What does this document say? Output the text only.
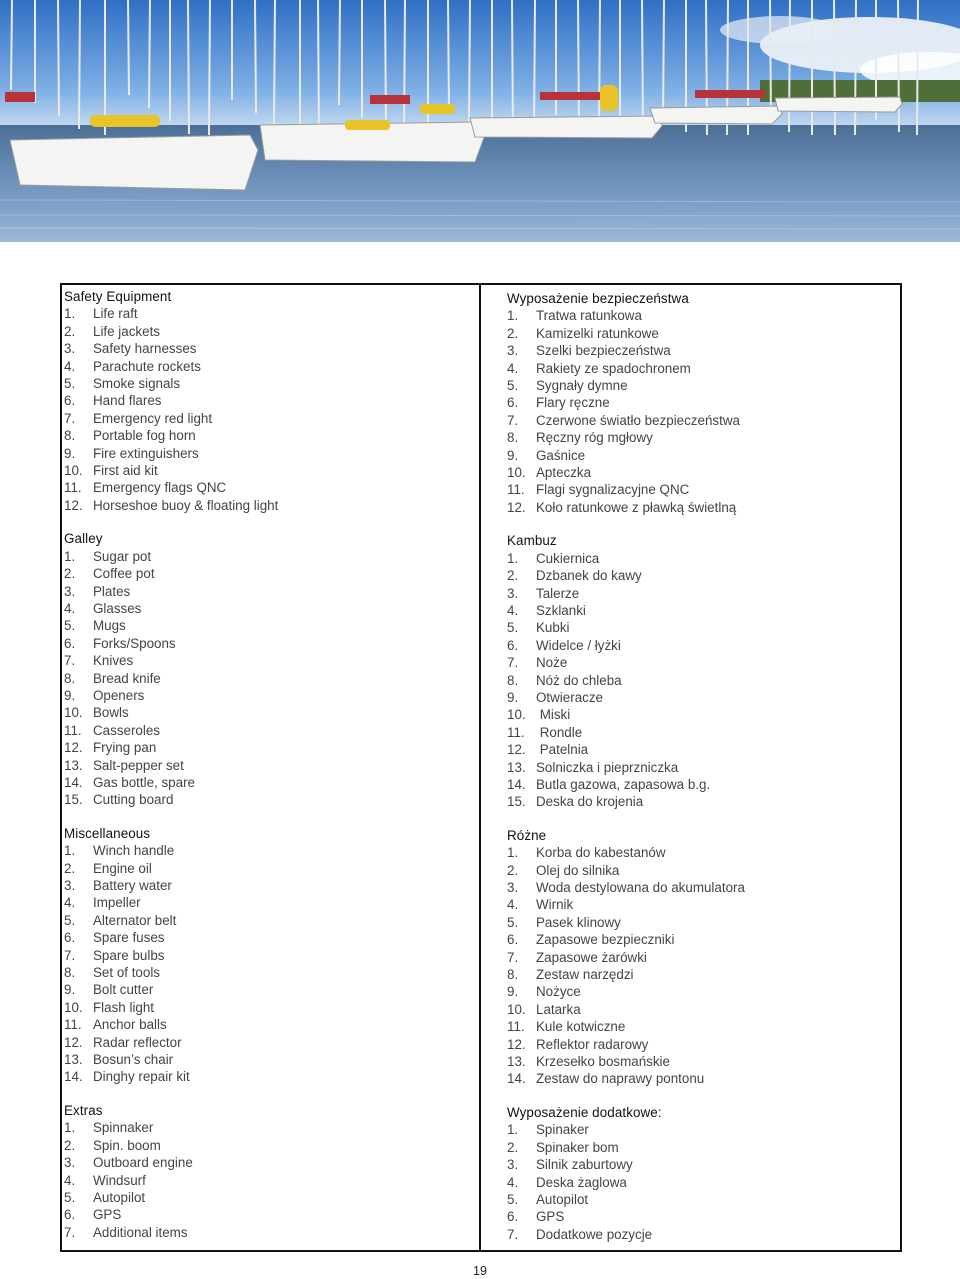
Safety Equipment
1.	Life raft
2.	Life jackets
3.	Safety harnesses
4.	Parachute rockets
5.	Smoke signals
6.	Hand flares
7.	Emergency red light
8.	Portable fog horn
9.	Fire extinguishers
10. First aid kit
11. Emergency flags QNC
12. Horseshoe buoy & floating light
Galley
1.	Sugar pot
2.	Coffee pot
3.	Plates
4.	Glasses
5.	Mugs
6.	Forks/Spoons
7.	Knives
8.	Bread knife
9.	Openers
10. Bowls
11. Casseroles
12. Frying pan
13. Salt-pepper set
14. Gas bottle, spare
15. Cutting board
Miscellaneous
1.	Winch handle
2.	Engine oil
3.	Battery water
4.	Impeller
5.	Alternator belt
6.	Spare fuses
7.	Spare bulbs
8.	Set of tools
9.	Bolt cutter
10. Flash light
11. Anchor balls
12. Radar reflector
13. Bosun’s chair
14. Dinghy repair kit
Extras
1.	Spinnaker
2.	Spin. boom
3.	Outboard engine
4.	Windsurf
5.	Autopilot
6.	GPS
7.	Additional items
Wyposażenie bezpieczeństwa
1.	Tratwa ratunkowa
2.	Kamizelki ratunkowe
3.	Szelki bezpieczeństwa
4.	Rakiety ze spadochronem
5.	Sygnały dymne
6.	Flary ręczne
7.	Czerwone światło bezpieczeństwa
8.	Ręczny róg mgłowy
9.	Gaśnice
10. Apteczka
11. Flagi sygnalizacyjne QNC
12. Koło ratunkowe z pławką świetlną
Kambuz
1.	Cukiernica
2.	Dzbanek do kawy
3.	Talerze
4.	Szklanki
5.	Kubki
6.	Widelce / łyżki
7.	Noże
8.	Nóż do chleba
9.	Otwieracze
10. Miski
11. Rondle
12. Patelnia
13. Solniczka i pieprzniczka
14. Butla gazowa, zapasowa b.g.
15. Deska do krojenia
Różne
1.	Korba do kabestanów
2.	Olej do silnika
3.	Woda destylowana do akumulatora
4.	Wirnik
5.	Pasek klinowy
6.	Zapasowe bezpieczniki
7.	Zapasowe żarówki
8.	Zestaw narzędzi
9.	Nożyce
10. Latarka
11. Kule kotwiczne
12. Reflektor radarowy
13. Krzesełko bosmańskie
14. Zestaw do naprawy pontonu
Wyposażenie dodatkowe:
1.	Spinaker
2.	Spinaker bom
3.	Silnik zaburtowy
4.	Deska żaglowa
5.	Autopilot
6.	GPS
7.	Dodatkowe pozycje
19
